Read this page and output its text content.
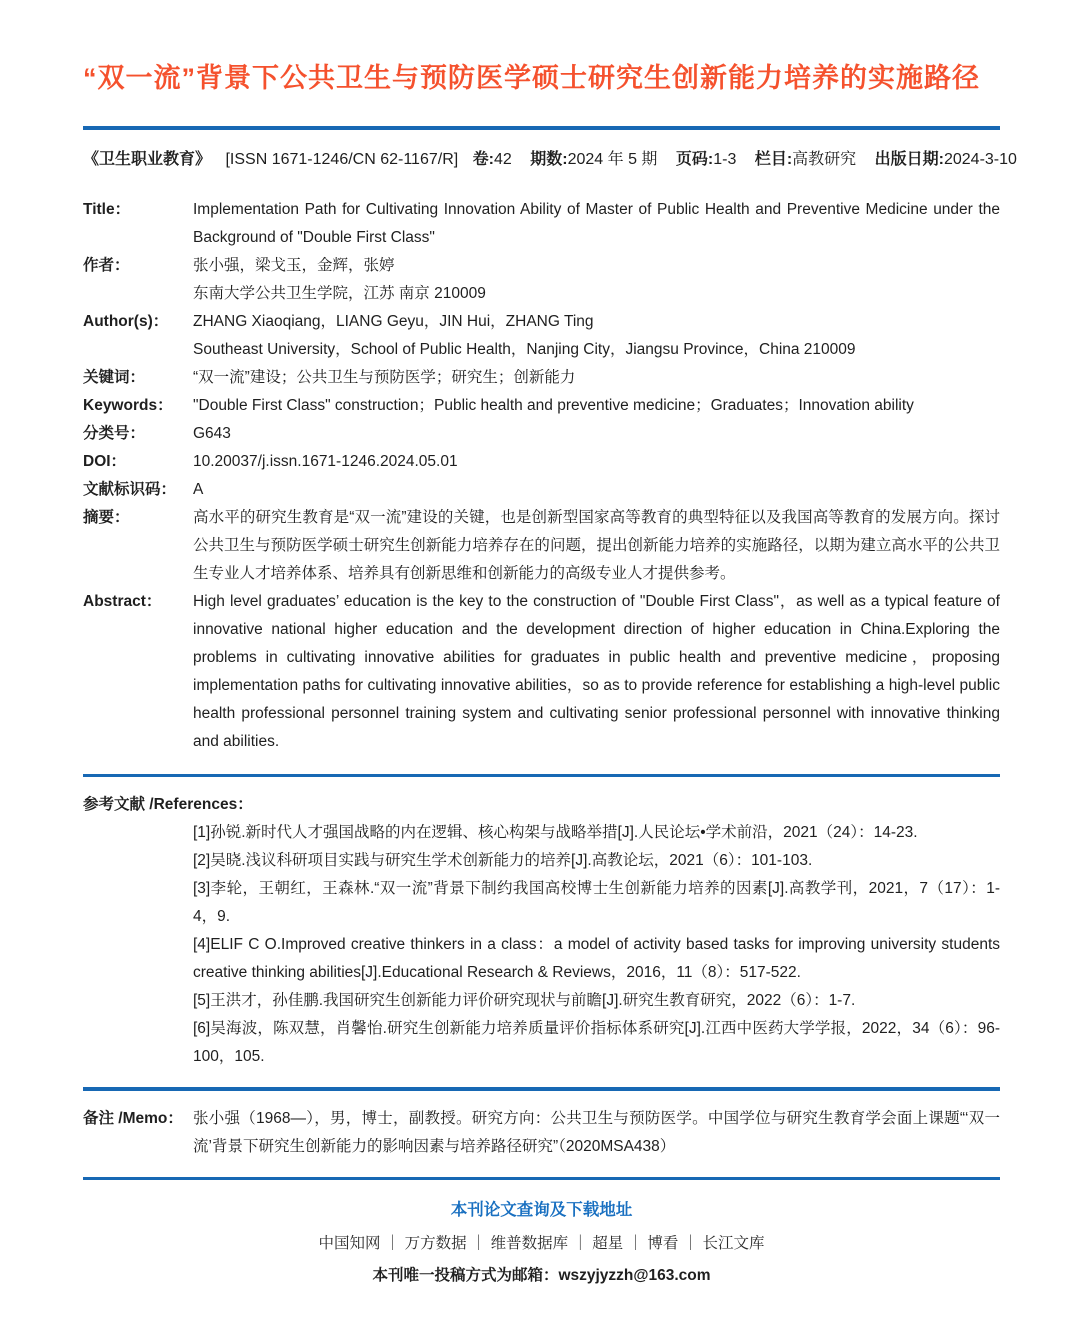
“双一流”背景下公共卫生与预防医学硕士研究生创新能力培养的实施路径
《卫生职业教育》 [ISSN 1671-1246/CN 62-1167/R] 卷:42 期数:2024 年 5 期 页码:1-3 栏目:高教研究 出版日期:2024-3-10
Title：	Implementation Path for Cultivating Innovation Ability of Master of Public Health and Preventive Medicine under the Background of "Double First Class"
作者：	张小强，梁戈玉，金辉，张婷
东南大学公共卫生学院，江苏 南京 210009
Author(s)：	ZHANG Xiaoqiang，LIANG Geyu，JIN Hui，ZHANG Ting
Southeast University，School of Public Health，Nanjing City，Jiangsu Province，China 210009
关键词：	“双一流”建设；公共卫生与预防医学；研究生；创新能力
Keywords：	"Double First Class" construction；Public health and preventive medicine；Graduates；Innovation ability
分类号：	G643
DOI：	10.20037/j.issn.1671-1246.2024.05.01
文献标识码：	A
摘要：	高水平的研究生教育是“双一流”建设的关键，也是创新型国家高等教育的典型特征以及我国高等教育的发展方向。探讨公共卫生与预防医学硕士研究生创新能力培养存在的问题，提出创新能力培养的实施路径，以期为建立高水平的公共卫生专业人才培养体系、培养具有创新思维和创新能力的高级专业人才提供参考。
Abstract：	High level graduates’ education is the key to the construction of "Double First Class"，as well as a typical feature of innovative national higher education and the development direction of higher education in China.Exploring the problems in cultivating innovative abilities for graduates in public health and preventive medicine，proposing implementation paths for cultivating innovative abilities，so as to provide reference for establishing a high-level public health professional personnel training system and cultivating senior professional personnel with innovative thinking and abilities.
参考文献 /References：

[1]孙锐.新时代人才强国战略的内在逻辑、核心构架与战略举措[J].人民论坛•学术前沿，2021（24）：14-23.

[2]吴晓.浅议科研项目实践与研究生学术创新能力的培养[J].高教论坛，2021（6）：101-103.

[3]李轮，王朝红，王森林.“双一流”背景下制约我国高校博士生创新能力培养的因素[J].高教学刊，2021，7（17）：1-4，9.

[4]ELIF C O.Improved creative thinkers in a class：a model of activity based tasks for improving university students creative thinking abilities[J].Educational Research & Reviews，2016，11（8）：517-522.

[5]王洪才，孙佳鹏.我国研究生创新能力评价研究现状与前瞻[J].研究生教育研究，2022（6）：1-7.

[6]吴海波，陈双慧，肖馨怡.研究生创新能力培养质量评价指标体系研究[J].江西中医药大学学报，2022，34（6）：96-100，105.

备注 /Memo： 张小强（1968—），男，博士，副教授。研究方向：公共卫生与预防医学。中国学位与研究生教育学会面上课题“‘双一流’背景下研究生创新能力的影响因素与培养路径研究”（2020MSA438）
本刊论文查询及下载地址
中国知网 ｜ 万方数据 ｜ 维普数据库 ｜ 超星 ｜ 博看 ｜ 长江文库
本刊唯一投稿方式为邮箱：wszyjyzzh@163.com
